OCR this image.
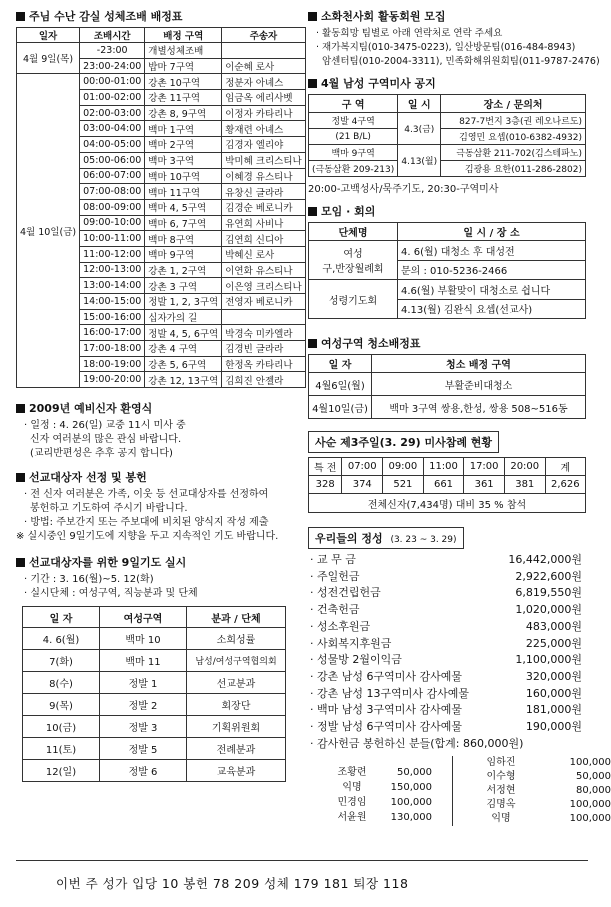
주님 수난 감실 성체조배 배정표
일자	조배시간	배정 구역	주송자
4월 9일(목)	-23:00	개별성체조배	
	23:00-24:00	밥마 7구역	이순혜 로사
4월 10일(금)	00:00-01:00	강촌 10구역	정분자 아녜스
	01:00-02:00	강촌 11구역	임금옥 에리사벳
	02:00-03:00	강촌 8, 9구역	이정자 카타리나
	03:00-04:00	백마 1구역	황재련 아녜스
	04:00-05:00	백마 2구역	김경자 엘리야
	05:00-06:00	백마 3구역	박미혜 크리스티나
	06:00-07:00	백마 10구역	이혜경 유스티나
	07:00-08:00	백마 11구역	유창신 글라라
	08:00-09:00	백마 4, 5구역	김경순 베로니카
	09:00-10:00	백마 6, 7구역	유연희 사비나
	10:00-11:00	백마 8구역	김연희 신디아
	11:00-12:00	백마 9구역	박혜신 로사
	12:00-13:00	강촌 1, 2구역	이연화 유스티나
	13:00-14:00	강촌 3 구역	이은영 크리스티나
	14:00-15:00	정발 1, 2, 3구역	전영자 베로니카
	15:00-16:00	십자가의 길	
	16:00-17:00	정발 4, 5, 6구역	박경숙 미카엘라
	17:00-18:00	강촌 4 구역	김경빈 글라라
	18:00-19:00	강촌 5, 6구역	한정옥 카타리나
	19:00-20:00	강촌 12, 13구역	김희진 안젤라
2009년 예비신자 환영식
· 일정 : 4. 26(일) 교중 11시 미사 중
신자 여러분의 많은 관심 바랍니다.
(교리반편성은 추후 공지 합니다)
선교대상자 선정 및 봉헌
· 전 신자 여러분은 가족, 이웃 등 선교대상자를 선정하여
봉헌하고 기도하여 주시기 바랍니다.
· 방법: 주보간지 또는 주보대에 비치된 양식지 작성 제출
※ 실시중인 9일기도에 지향을 두고 지속적인 기도 바랍니다.
선교대상자를 위한 9일기도 실시
· 기간 : 3. 16(월)~5. 12(화)
· 실시단체 : 여성구역, 직능분과 및 단체
일 자	여성구역	분과 / 단체
4. 6(월)	백마 10	소희성률
7(화)	백마 11	남성/여성구역협의회
8(수)	정발 1	선교분과
9(목)	정발 2	회장단
10(금)	정발 3	기획위원회
11(토)	정발 5	전례분과
12(일)	정발 6	교육분과
소화천사회 활동회원 모집
· 활동희망 팀별로 아래 연락처로 연락 주세요
· 재가복지팀(010-3475-0223), 일산방문팀(016-484-8943)
암센터팀(010-2004-3311), 민족화해위원회팀(011-9787-2476)
4월 남성 구역미사 공지
구 역	일 시	장소 / 문의처
정발 4구역	4.3(금)	827-7번지 3층(권 레오나르도)
(21 B/L)		김영민 요셉(010-6382-4932)
백마 9구역	4.13(월)	극동삼환 211-702(김스테파노)
(극동삼환 209-213)		김광용 요한(011-286-2802)
20:00-고백성사/묵주기도, 20:30-구역미사
모임 · 회의
단체명	일 시 / 장 소

여성
구,반장월례회	4. 6(월) 대청소 후 대성전
	문의 : 010-5236-2466

성령기도회	4.6(월) 부활맞이 대청소로 쉽니다
	4.13(월) 김완식 요셉(선교사)
여성구역 청소배정표
일 자	청소 배정 구역
4월6일(월)	부활준비대청소
4월10일(금)	백마 3구역 쌍용,한성, 쌍용 508~516동
사순 제3주일(3. 29) 미사참례 현황
특 전	07:00	09:00	11:00	17:00	20:00	계
328	374	521	661	361	381	2,626
전체신자(7,434명) 대비 35 % 참석						
우리들의 정성 (3. 23 ~ 3. 29)
· 교 무 금	16,442,000원
· 주일헌금	2,922,600원
· 성전건립헌금	6,819,550원
· 건축헌금	1,020,000원
· 성소후원금	483,000원
· 사회복지후원금	225,000원
· 성물방 2월이익금	1,100,000원
· 강촌 남성 6구역미사 감사예물	320,000원
· 강촌 남성 13구역미사 감사예물	160,000원
· 백마 남성 3구역미사 감사예물	181,000원
· 정발 남성 6구역미사 감사예물	190,000원
· 감사헌금 봉헌하신 분들(합계: 860,000원)
조황련	50,000
익명	150,000
민경임	100,000
서윤원	130,000
임하진	100,000
이수형	50,000
서정현	80,000
김명옥	100,000
익명	100,000
이번 주 성가 입당 10 봉헌 78 209 성체 179 181 퇴장 118
